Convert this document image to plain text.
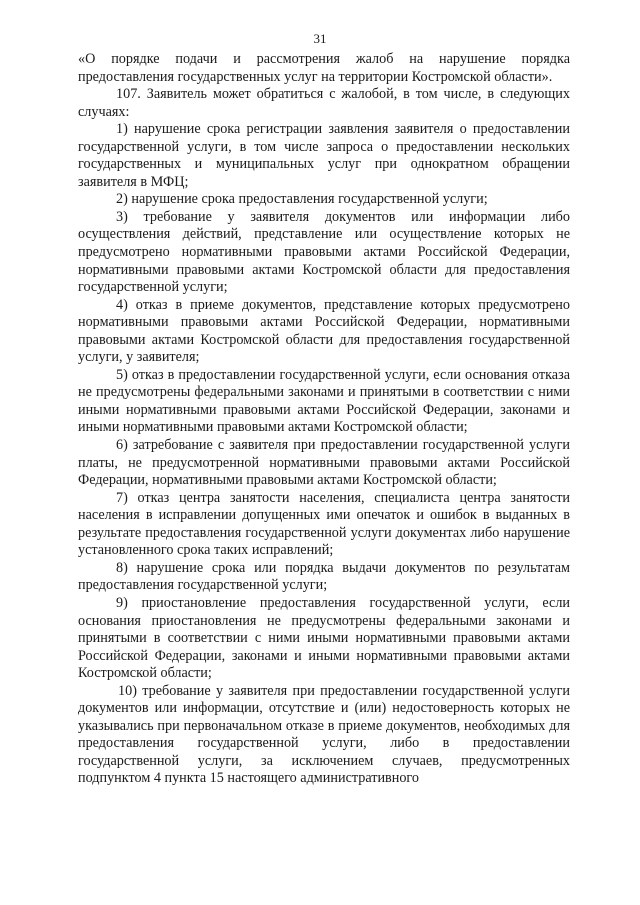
31

«О порядке подачи и рассмотрения жалоб на нарушение порядка предоставления государственных услуг на территории Костромской области».

107. Заявитель может обратиться с жалобой, в том числе, в следующих случаях:

1) нарушение срока регистрации заявления заявителя о предоставлении государственной услуги, в том числе запроса о предоставлении нескольких государственных и муниципальных услуг при однократном обращении заявителя в МФЦ;

2) нарушение срока предоставления государственной услуги;

3) требование у заявителя документов или информации либо осуществления действий, представление или осуществление которых не предусмотрено нормативными правовыми актами Российской Федерации, нормативными правовыми актами Костромской области для предоставления государственной услуги;

4) отказ в приеме документов, представление которых предусмотрено нормативными правовыми актами Российской Федерации, нормативными правовыми актами Костромской области для предоставления государственной услуги, у заявителя;

5) отказ в предоставлении государственной услуги, если основания отказа не предусмотрены федеральными законами и принятыми в соответствии с ними иными нормативными правовыми актами Российской Федерации, законами и иными нормативными правовыми актами Костромской области;

6) затребование с заявителя при предоставлении государственной услуги платы, не предусмотренной нормативными правовыми актами Российской Федерации, нормативными правовыми актами Костромской области;

7) отказ центра занятости населения, специалиста центра занятости населения в исправлении допущенных ими опечаток и ошибок в выданных в результате предоставления государственной услуги документах либо нарушение установленного срока таких исправлений;

8) нарушение срока или порядка выдачи документов по результатам предоставления государственной услуги;

9) приостановление предоставления государственной услуги, если основания приостановления не предусмотрены федеральными законами и принятыми в соответствии с ними иными нормативными правовыми актами Российской Федерации, законами и иными нормативными правовыми актами Костромской области;

10) требование у заявителя при предоставлении государственной услуги документов или информации, отсутствие и (или) недостоверность которых не указывались при первоначальном отказе в приеме документов, необходимых для предоставления государственной услуги, либо в предоставлении государственной услуги, за исключением случаев, предусмотренных подпунктом 4 пункта 15 настоящего административного
